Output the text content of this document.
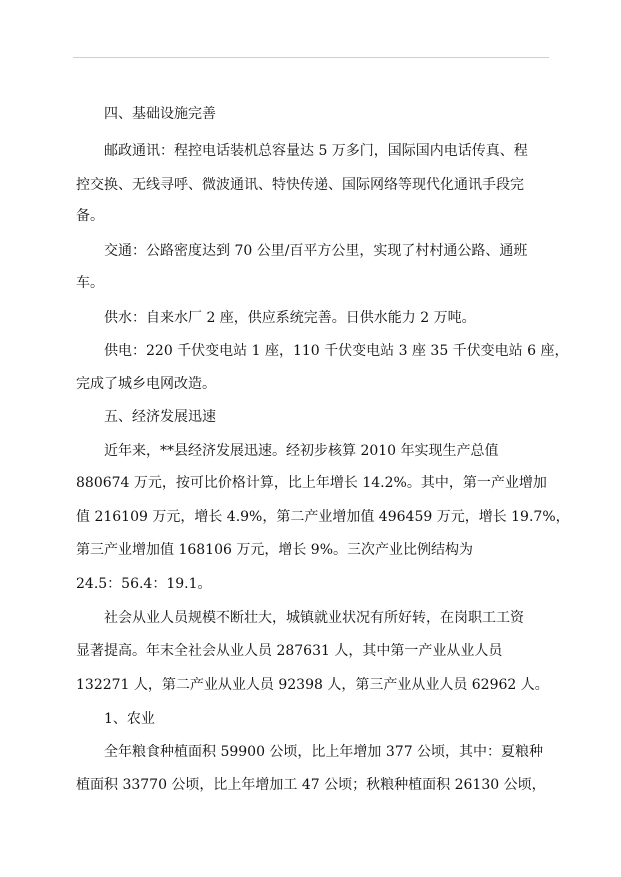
四、基础设施完善
邮政通讯：程控电话装机总容量达 5 万多门，国际国内电话传真、程
控交换、无线寻呼、微波通讯、特快传递、国际网络等现代化通讯手段完
备。
交通：公路密度达到 70 公里/百平方公里，实现了村村通公路、通班
车。
供水：自来水厂 2 座，供应系统完善。日供水能力 2 万吨。
供电：220 千伏变电站 1 座，110 千伏变电站 3 座 35 千伏变电站 6 座，
完成了城乡电网改造。
五、经济发展迅速
近年来，**县经济发展迅速。经初步核算 2010 年实现生产总值
880674 万元，按可比价格计算，比上年增长 14.2%。其中，第一产业增加
值 216109 万元，增长 4.9%，第二产业增加值 496459 万元，增长 19.7%，
第三产业增加值 168106 万元，增长 9%。三次产业比例结构为
24.5：56.4：19.1。
社会从业人员规模不断壮大，城镇就业状况有所好转，在岗职工工资
显著提高。年末全社会从业人员 287631 人，其中第一产业从业人员
132271 人，第二产业从业人员 92398 人，第三产业从业人员 62962 人。
1、农业
全年粮食种植面积 59900 公顷，比上年增加 377 公顷，其中：夏粮种
植面积 33770 公顷，比上年增加工 47 公顷；秋粮种植面积 26130 公顷，
